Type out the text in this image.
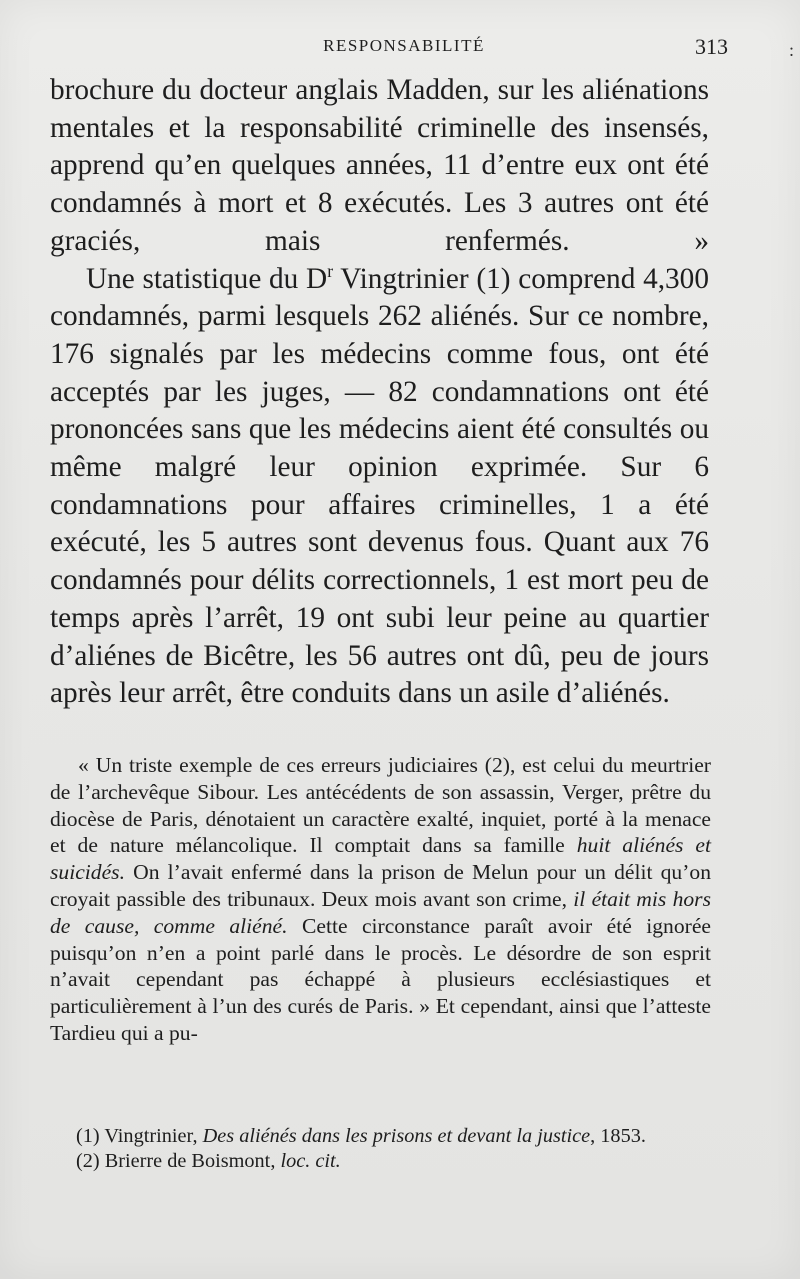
RESPONSABILITÉ	313	:

brochure du docteur anglais Madden, sur les aliénations mentales et la responsabilité criminelle des insensés, apprend qu’en quelques années, 11 d’entre eux ont été condamnés à mort et 8 exécutés. Les 3 autres ont été graciés, mais renfermés. »

Une statistique du $D^r$ Vingtrinier (1) comprend 4,300 condamnés, parmi lesquels 262 aliénés. Sur ce nombre, 176 signalés par les médecins comme fous, ont été acceptés par les juges, — 82 condamnations ont été prononcées sans que les médecins aient été consultés ou même malgré leur opinion exprimée. Sur 6 condamnations pour affaires criminelles, 1 a été exécuté, les 5 autres sont devenus fous. Quant aux 76 condamnés pour délits correctionnels, 1 est mort peu de temps après l’arrêt, 19 ont subi leur peine au quartier d’aliénes de Bicêtre, les 56 autres ont dû, peu de jours après leur arrêt, être conduits dans un asile d’aliénés.

« Un triste exemple de ces erreurs judiciaires (2), est celui du meurtrier de l’archevêque Sibour. Les antécédents de son assassin, Verger, prêtre du diocèse de Paris, dénotaient un caractère exalté, inquiet, porté à la menace et de nature mélancolique. Il comptait dans sa famille huit aliénés et suicidés. On l’avait enfermé dans la prison de Melun pour un délit qu’on croyait passible des tribunaux. Deux mois avant son crime, il était mis hors de cause, comme aliéné. Cette circonstance paraît avoir été ignorée puisqu’on n’en a point parlé dans le procès. Le désordre de son esprit n’avait cependant pas échappé à plusieurs ecclésiastiques et particulièrement à l’un des curés de Paris. » Et cependant, ainsi que l’atteste Tardieu qui a pu-

(1) Vingtrinier, Des aliénés dans les prisons et devant la justice, 1853.

(2) Brierre de Boismont, loc. cit.
